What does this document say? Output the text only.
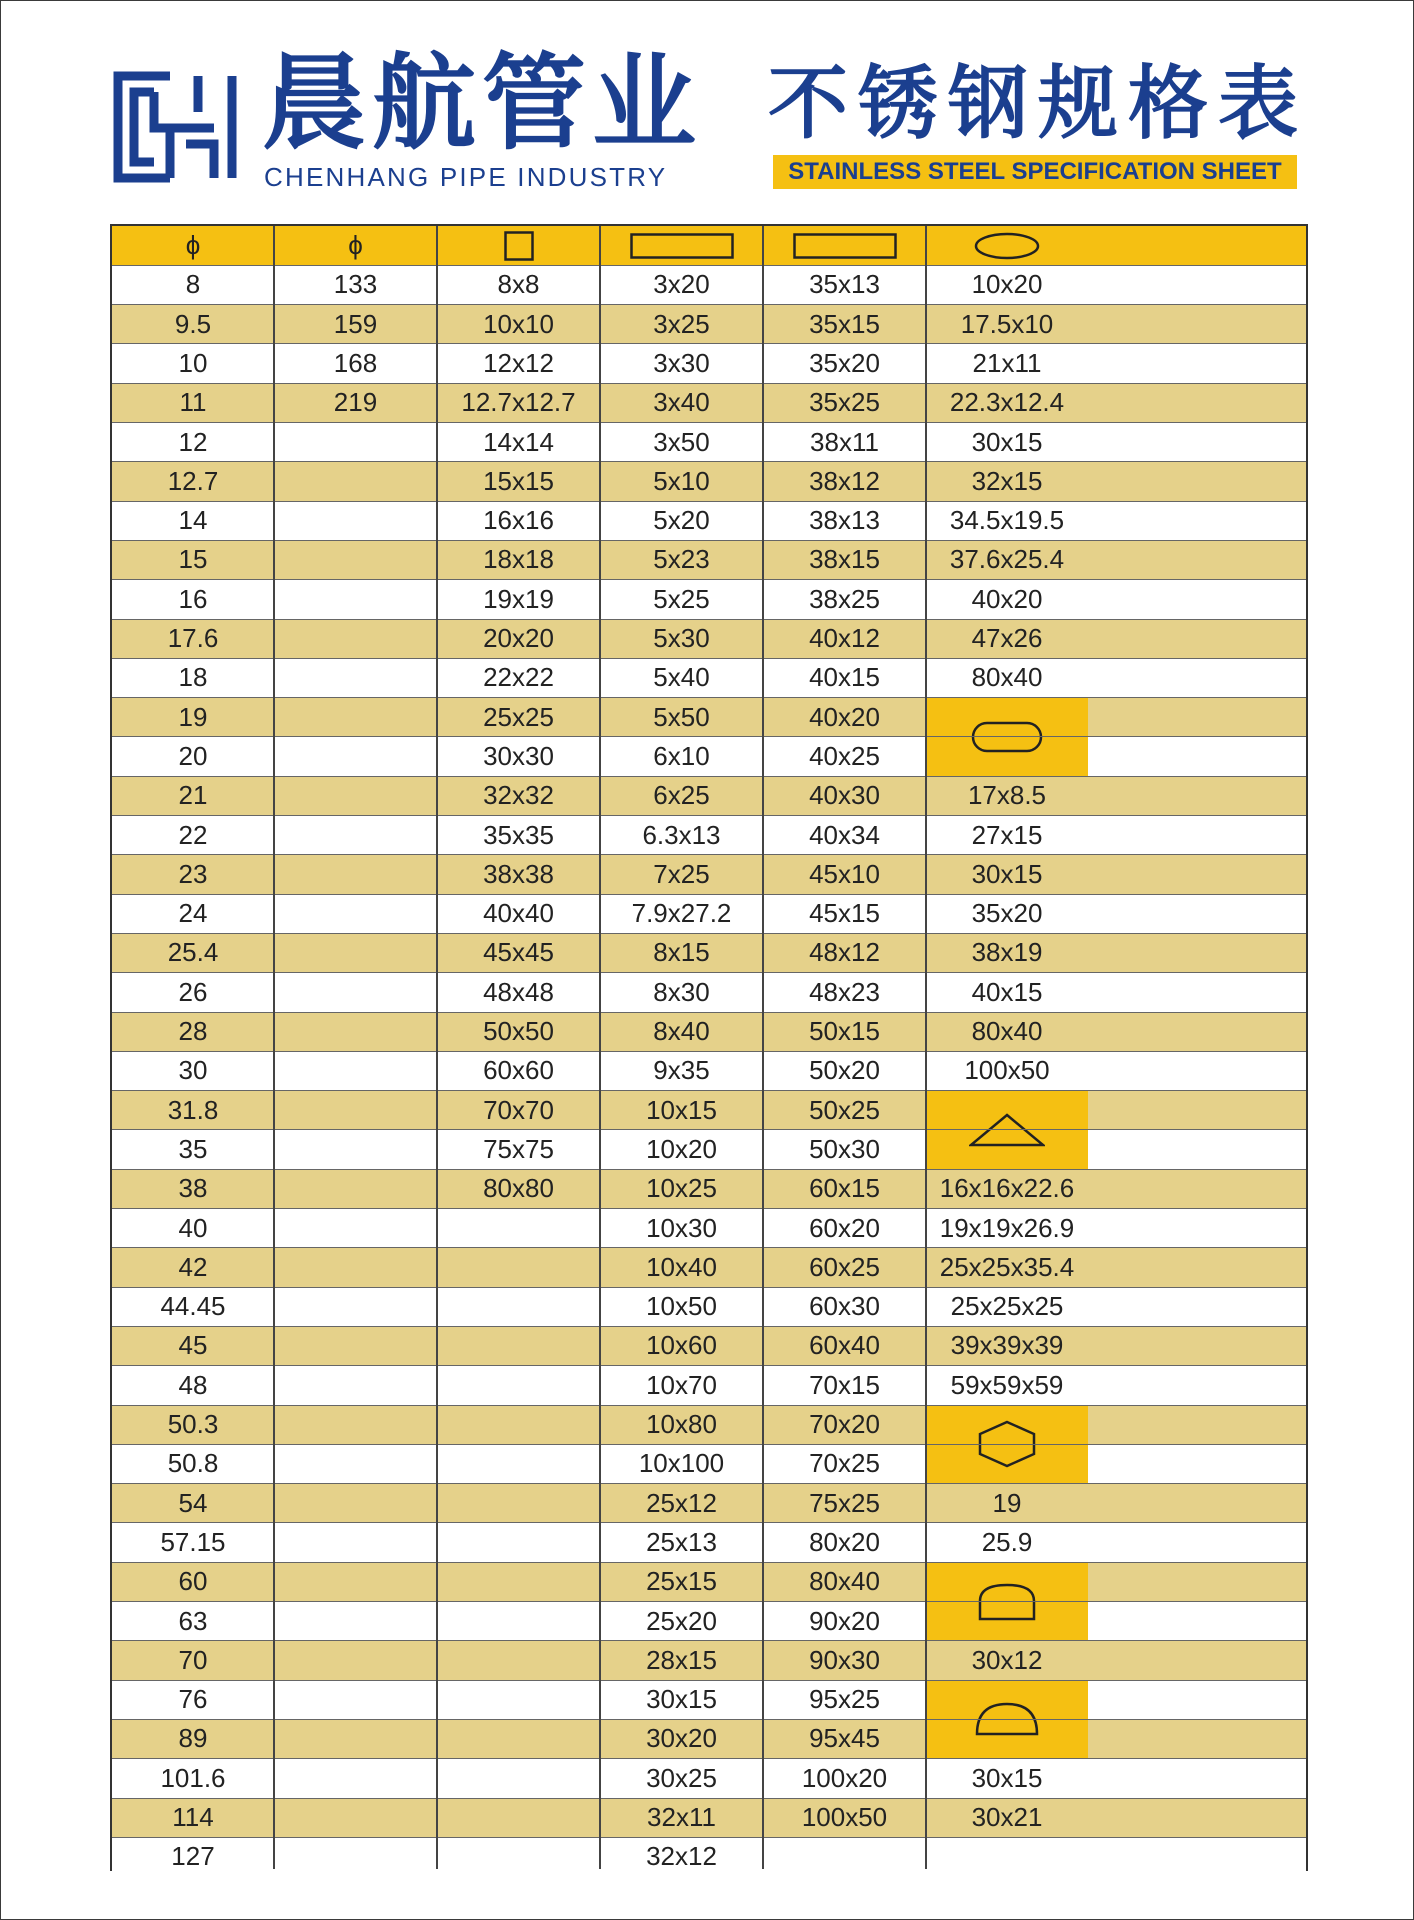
晨航管业
CHENHANG PIPE INDUSTRY
不锈钢规格表
STAINLESS STEEL SPECIFICATION SHEET
ϕ	ϕ
8
9.5
10
11
12
12.7
14
15
16
17.6
18
19
20
21
22
23
24
25.4
26
28
30
31.8
35
38
40
42
44.45
45
48
50.3
50.8
54
57.15
60
63
70
76
89
101.6
114
127
133
159
168
219
8x8
10x10
12x12
12.7x12.7
14x14
15x15
16x16
18x18
19x19
20x20
22x22
25x25
30x30
32x32
35x35
38x38
40x40
45x45
48x48
50x50
60x60
70x70
75x75
80x80
3x20
3x25
3x30
3x40
3x50
5x10
5x20
5x23
5x25
5x30
5x40
5x50
6x10
6x25
6.3x13
7x25
7.9x27.2
8x15
8x30
8x40
9x35
10x15
10x20
10x25
10x30
10x40
10x50
10x60
10x70
10x80
10x100
25x12
25x13
25x15
25x20
28x15
30x15
30x20
30x25
32x11
32x12
35x13
35x15
35x20
35x25
38x11
38x12
38x13
38x15
38x25
40x12
40x15
40x20
40x25
40x30
40x34
45x10
45x15
48x12
48x23
50x15
50x20
50x25
50x30
60x15
60x20
60x25
60x30
60x40
70x15
70x20
70x25
75x25
80x20
80x40
90x20
90x30
95x25
95x45
100x20
100x50
10x20
17.5x10
21x11
22.3x12.4
30x15
32x15
34.5x19.5
37.6x25.4
40x20
47x26
80x40
17x8.5
27x15
30x15
35x20
38x19
40x15
80x40
100x50
16x16x22.6
19x19x26.9
25x25x35.4
25x25x25
39x39x39
59x59x59
19
25.9
30x12
30x15
30x21
